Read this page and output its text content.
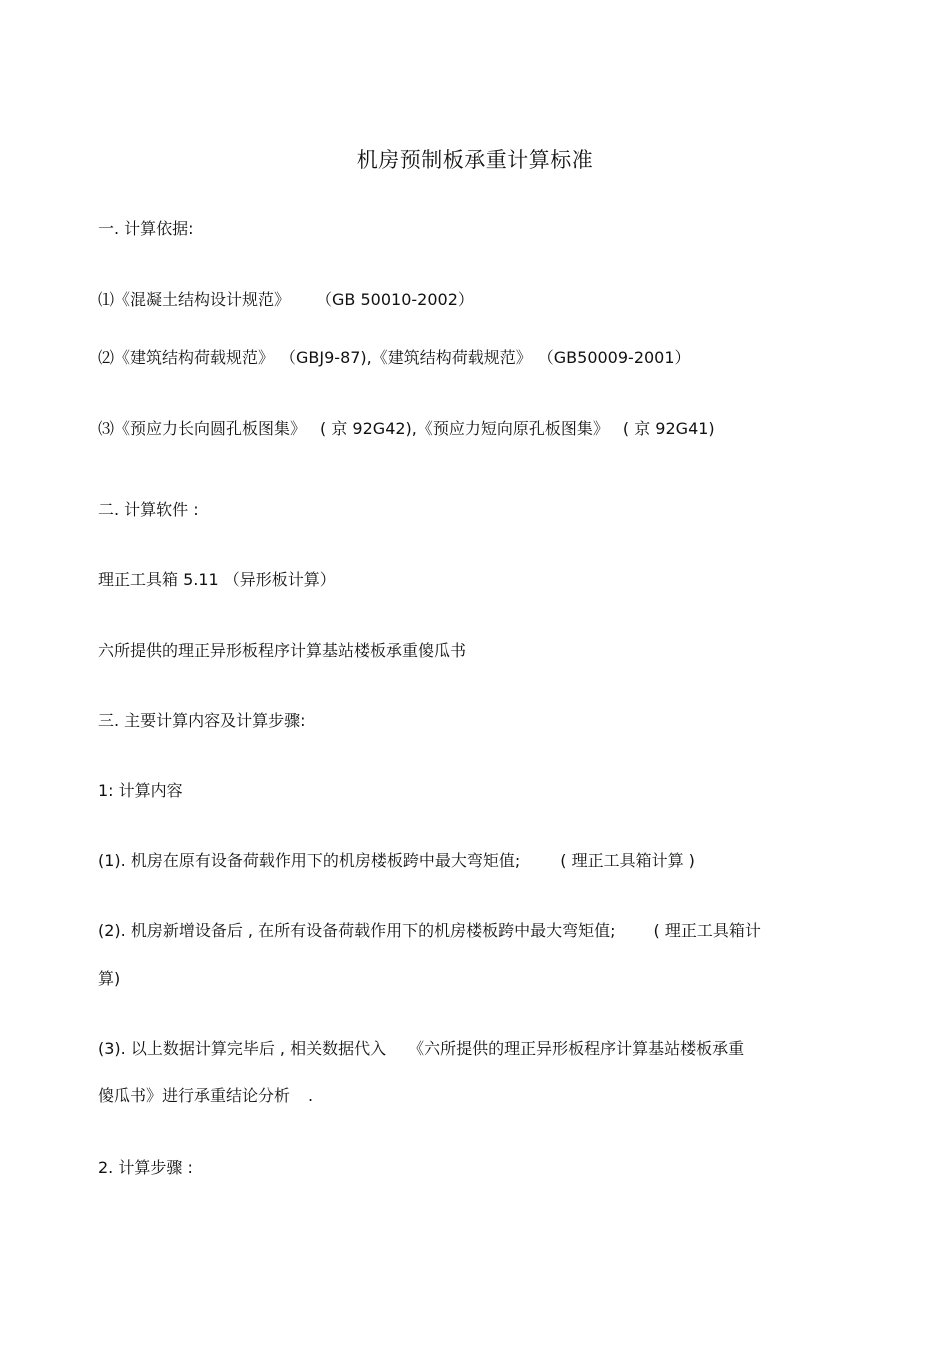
机房预制板承重计算标准
一. 计算依据:
⑴《混凝土结构设计规范》 （GB 50010-2002）
⑵《建筑结构荷载规范》 （GBJ9-87),《建筑结构荷载规范》 （GB50009-2001）
⑶《预应力长向圆孔板图集》 ( 京 92G42),《预应力短向原孔板图集》 ( 京 92G41)
二. 计算软件 :
理正工具箱 5.11 （异形板计算）
六所提供的理正异形板程序计算基站楼板承重傻瓜书
三. 主要计算内容及计算步骤:
1: 计算内容
(1). 机房在原有设备荷载作用下的机房楼板跨中最大弯矩值;	( 理正工具箱计算 )
(2). 机房新增设备后 , 在所有设备荷载作用下的机房楼板跨中最大弯矩值; ( 理正工具箱计
算)
(3). 以上数据计算完毕后 , 相关数据代入 《六所提供的理正异形板程序计算基站楼板承重
傻瓜书》进行承重结论分析 .
2. 计算步骤 :
